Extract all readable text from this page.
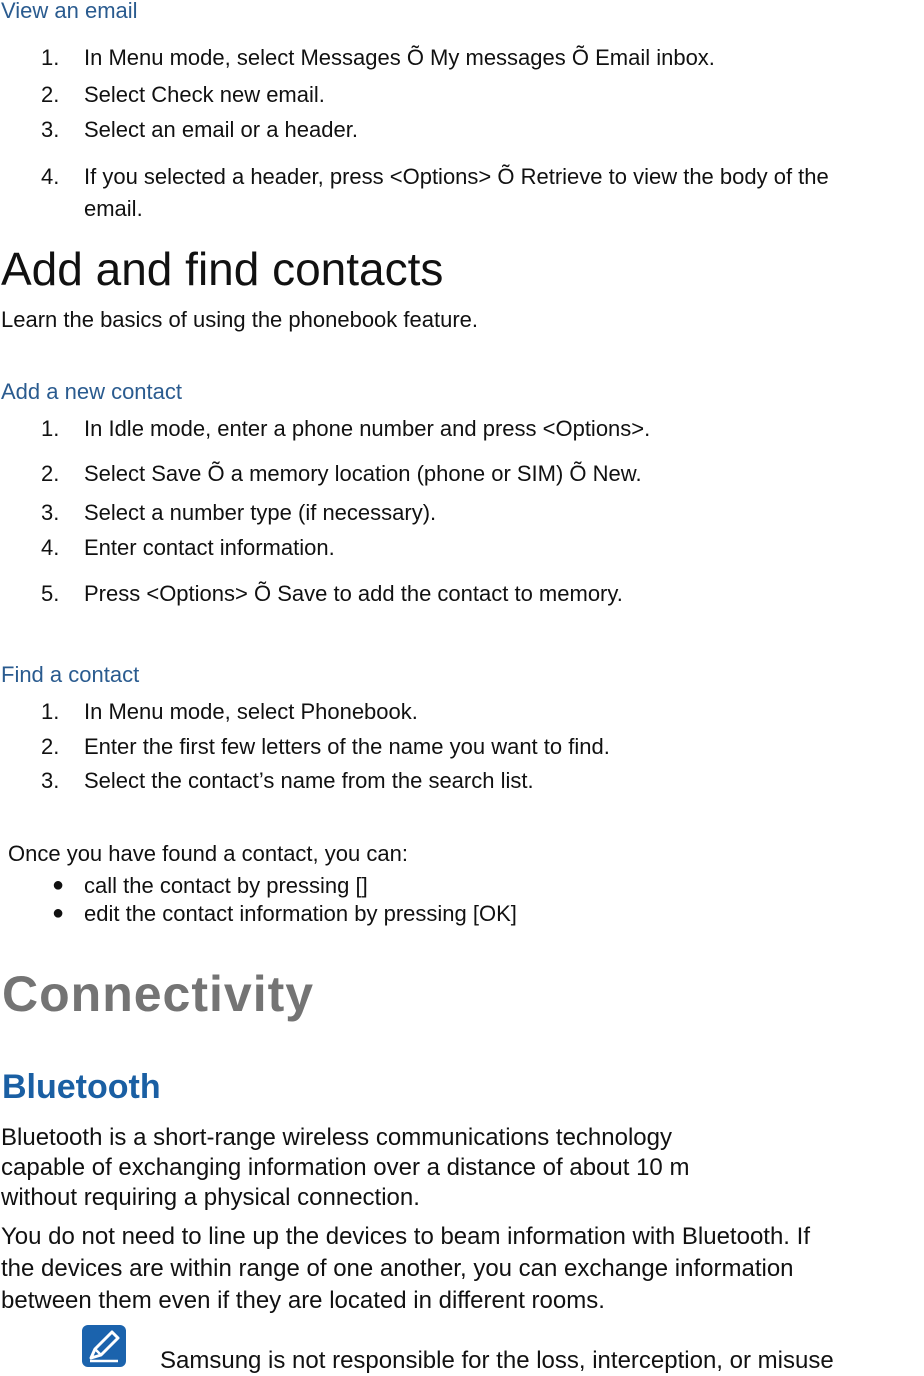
View an email
1. In Menu mode, select Messages Õ My messages Õ Email inbox.
2. Select Check new email.
3. Select an email or a header.
4. If you selected a header, press <Options> Õ Retrieve to view the body of the
email.
Add and find contacts
Learn the basics of using the phonebook feature.
Add a new contact
1. In Idle mode, enter a phone number and press <Options>.
2. Select Save Õ a memory location (phone or SIM) Õ New.
3. Select a number type (if necessary).
4. Enter contact information.
5. Press <Options> Õ Save to add the contact to memory.
Find a contact
1. In Menu mode, select Phonebook.
2. Enter the first few letters of the name you want to find.
3. Select the contact’s name from the search list.
Once you have found a contact, you can:
● call the contact by pressing []
● edit the contact information by pressing [OK]
Connectivity
Bluetooth
Bluetooth is a short-range wireless communications technology
capable of exchanging information over a distance of about 10 m
without requiring a physical connection.
You do not need to line up the devices to beam information with Bluetooth. If
the devices are within range of one another, you can exchange information
between them even if they are located in different rooms.
Samsung is not responsible for the loss, interception, or misuse
